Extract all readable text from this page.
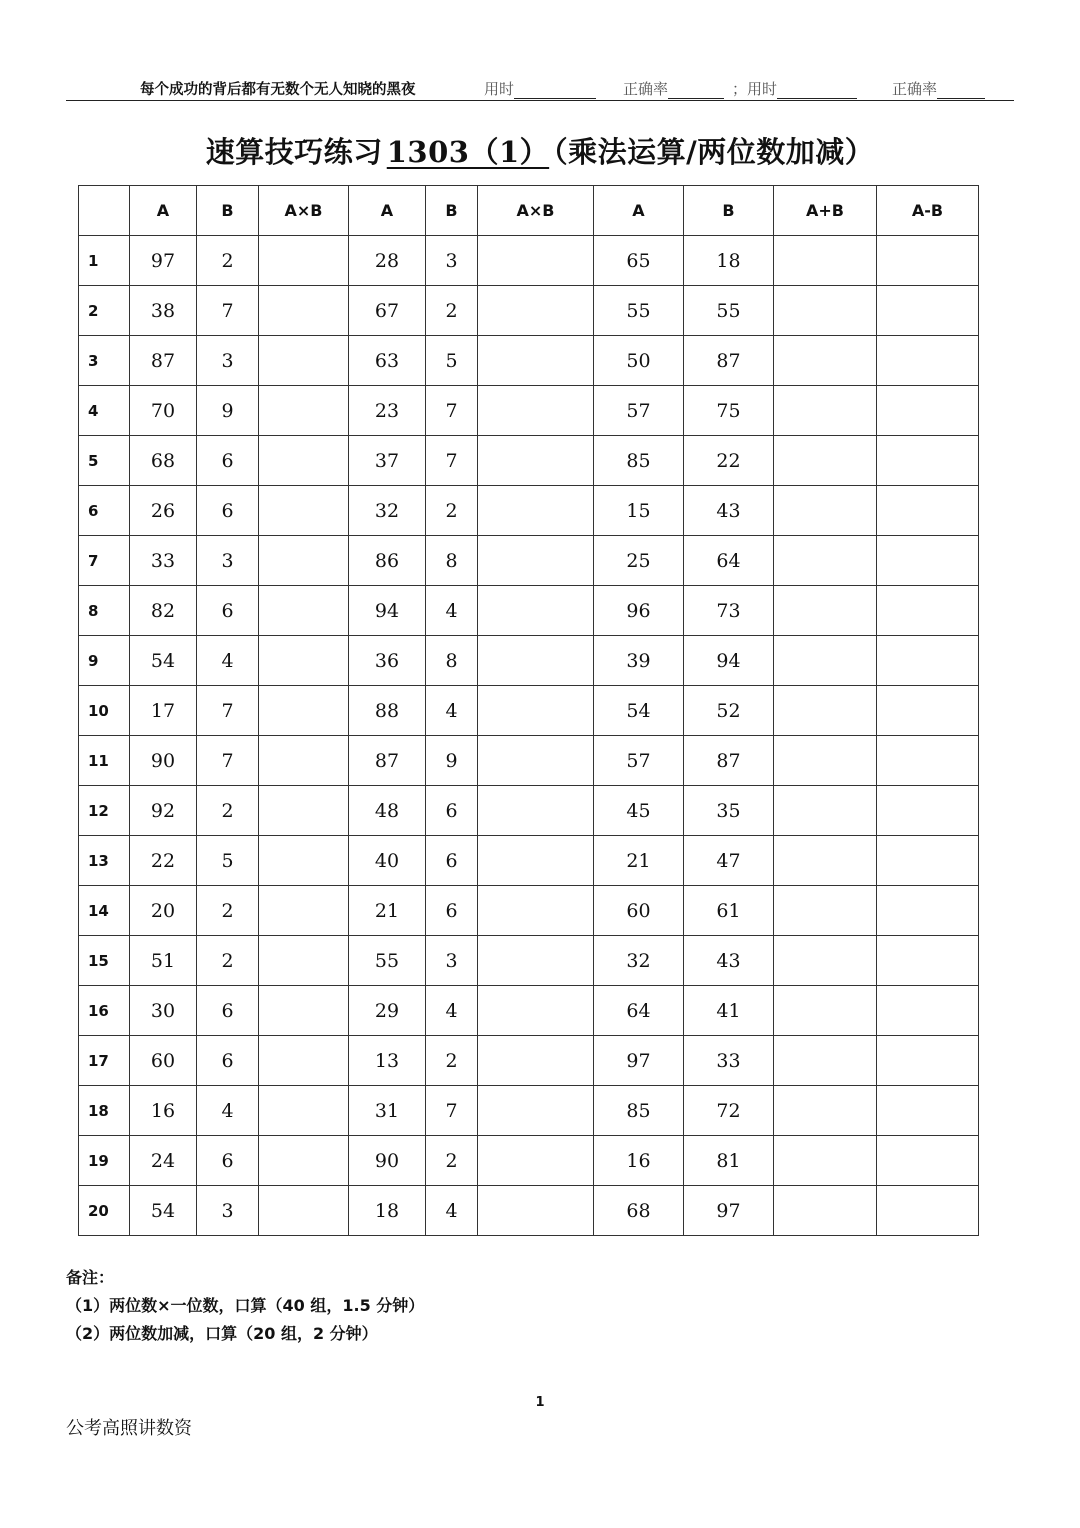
每个成功的背后都有无数个无人知晓的黑夜	用时	正确率	；用时	正确率
速算技巧练习 1303（1） （乘法运算/两位数加减）
	A	B	A×B	A	B	A×B	A	B	A+B	A-B
1	97	2		28	3		65	18		
2	38	7		67	2		55	55		
3	87	3		63	5		50	87		
4	70	9		23	7		57	75		
5	68	6		37	7		85	22		
6	26	6		32	2		15	43		
7	33	3		86	8		25	64		
8	82	6		94	4		96	73		
9	54	4		36	8		39	94		
10	17	7		88	4		54	52		
11	90	7		87	9		57	87		
12	92	2		48	6		45	35		
13	22	5		40	6		21	47		
14	20	2		21	6		60	61		
15	51	2		55	3		32	43		
16	30	6		29	4		64	41		
17	60	6		13	2		97	33		
18	16	4		31	7		85	72		
19	24	6		90	2		16	81		
20	54	3		18	4		68	97		
备注：
（1）两位数×一位数，口算（40 组，1.5 分钟）
（2）两位数加减，口算（20 组，2 分钟）
1
公考高照讲数资
